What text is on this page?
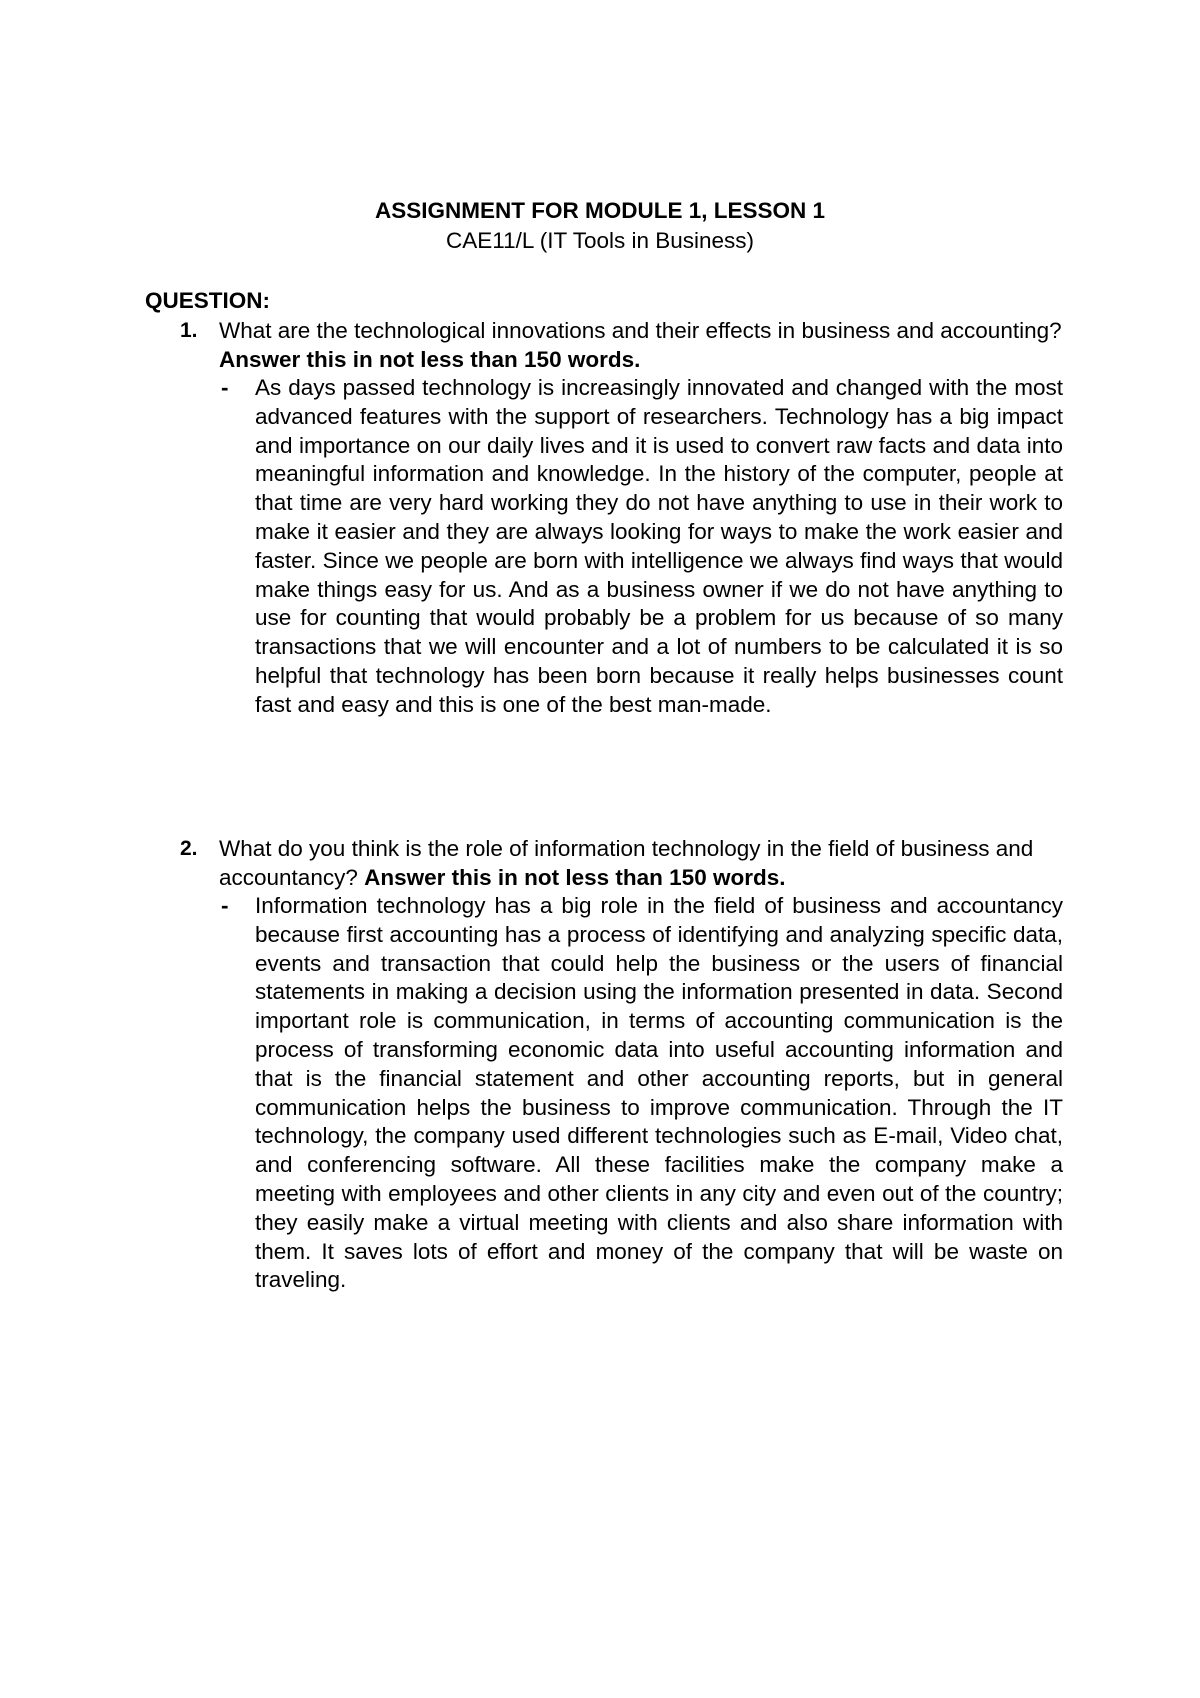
ASSIGNMENT FOR MODULE 1, LESSON 1
CAE11/L (IT Tools in Business)
QUESTION:
1. What are the technological innovations and their effects in business and accounting? Answer this in not less than 150 words.
- As days passed technology is increasingly innovated and changed with the most advanced features with the support of researchers. Technology has a big impact and importance on our daily lives and it is used to convert raw facts and data into meaningful information and knowledge. In the history of the computer, people at that time are very hard working they do not have anything to use in their work to make it easier and they are always looking for ways to make the work easier and faster. Since we people are born with intelligence we always find ways that would make things easy for us. And as a business owner if we do not have anything to use for counting that would probably be a problem for us because of so many transactions that we will encounter and a lot of numbers to be calculated it is so helpful that technology has been born because it really helps businesses count fast and easy and this is one of the best man-made.
2. What do you think is the role of information technology in the field of business and accountancy? Answer this in not less than 150 words.
- Information technology has a big role in the field of business and accountancy because first accounting has a process of identifying and analyzing specific data, events and transaction that could help the business or the users of financial statements in making a decision using the information presented in data. Second important role is communication, in terms of accounting communication is the process of transforming economic data into useful accounting information and that is the financial statement and other accounting reports, but in general communication helps the business to improve communication. Through the IT technology, the company used different technologies such as E-mail, Video chat, and conferencing software. All these facilities make the company make a meeting with employees and other clients in any city and even out of the country; they easily make a virtual meeting with clients and also share information with them. It saves lots of effort and money of the company that will be waste on traveling.
